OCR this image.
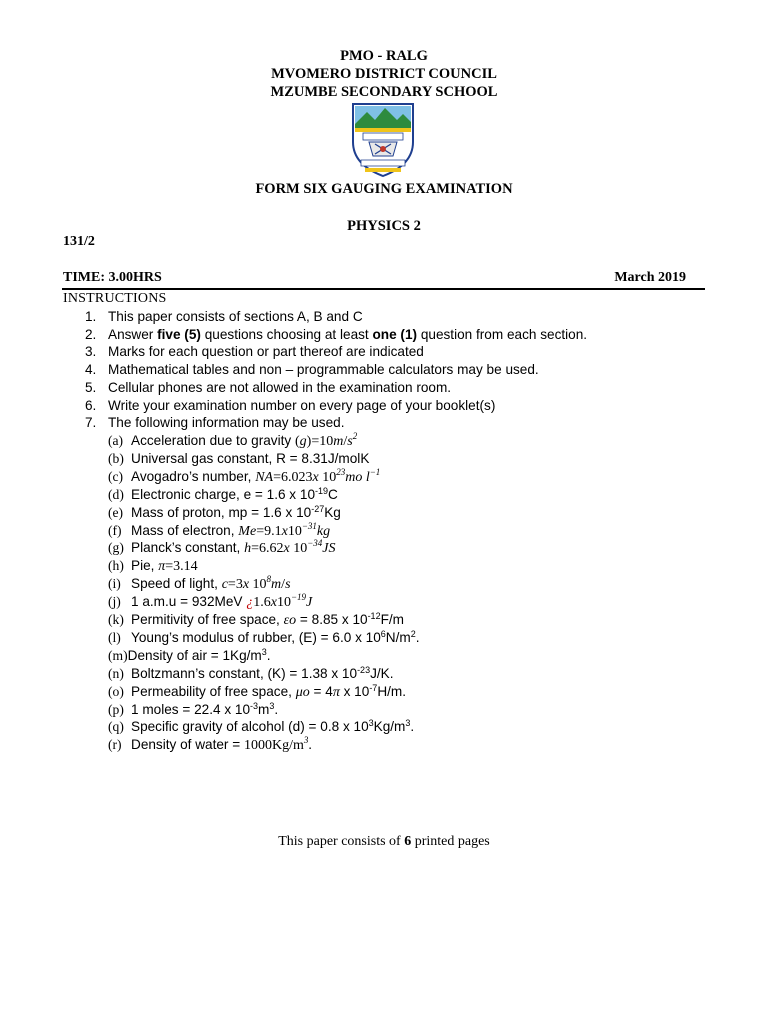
PMO - RALG
MVOMERO DISTRICT COUNCIL
MZUMBE SECONDARY SCHOOL
FORM SIX GAUGING EXAMINATION
PHYSICS 2
131/2
TIME: 3.00HRS	March 2019
INSTRUCTIONS
1. This paper consists of sections A, B and C
2. Answer five (5) questions choosing at least one (1) question from each section.
3. Marks for each question or part thereof are indicated
4. Mathematical tables and non – programmable calculators may be used.
5. Cellular phones are not allowed in the examination room.
6. Write your examination number on every page of your booklet(s)
7. The following information may be used.
(a) Acceleration due to gravity $(g)=10m/s^2$
(b) Universal gas constant, R = 8.31J/molK
(c) Avogadro’s number, NA=6.023x $10^{23}mo$ $l^{-1}$
(d) Electronic charge, e = 1.6 x $10^{-19}C$
(e) Mass of proton, mp = 1.6 x $10^{-27}Kg$
(f) Mass of electron, $Me=9.1x10^{-31}kg$
(g) Planck’s constant, h=6.62x $10^{-34}JS$
(h) Pie, π=3.14
(i) Speed of light, c=3x $10^8m/s$
(j) 1 a.m.u = 932MeV ¿$1.6x10^{-19}J$
(k) Permitivity of free space, εo = 8.85 x $10^{-12}F/m$
(l) Young’s modulus of rubber, (E) = 6.0 x $10^6N/m^2$.
(m)Density of air = $1Kg/m^3$.
(n) Boltzmann’s constant, (K) = 1.38 x $10^{-23}J/K$.
(o) Permeability of free space, μo = 4π x $10^{-7}H/m$.
(p) 1 moles = 22.4 x $10^{-3}m^3$.
(q) Specific gravity of alcohol (d) = 0.8 x $10^3Kg/m^3$.
(r) Density of water = $1000Kg/m^3$.
This paper consists of 6 printed pages
